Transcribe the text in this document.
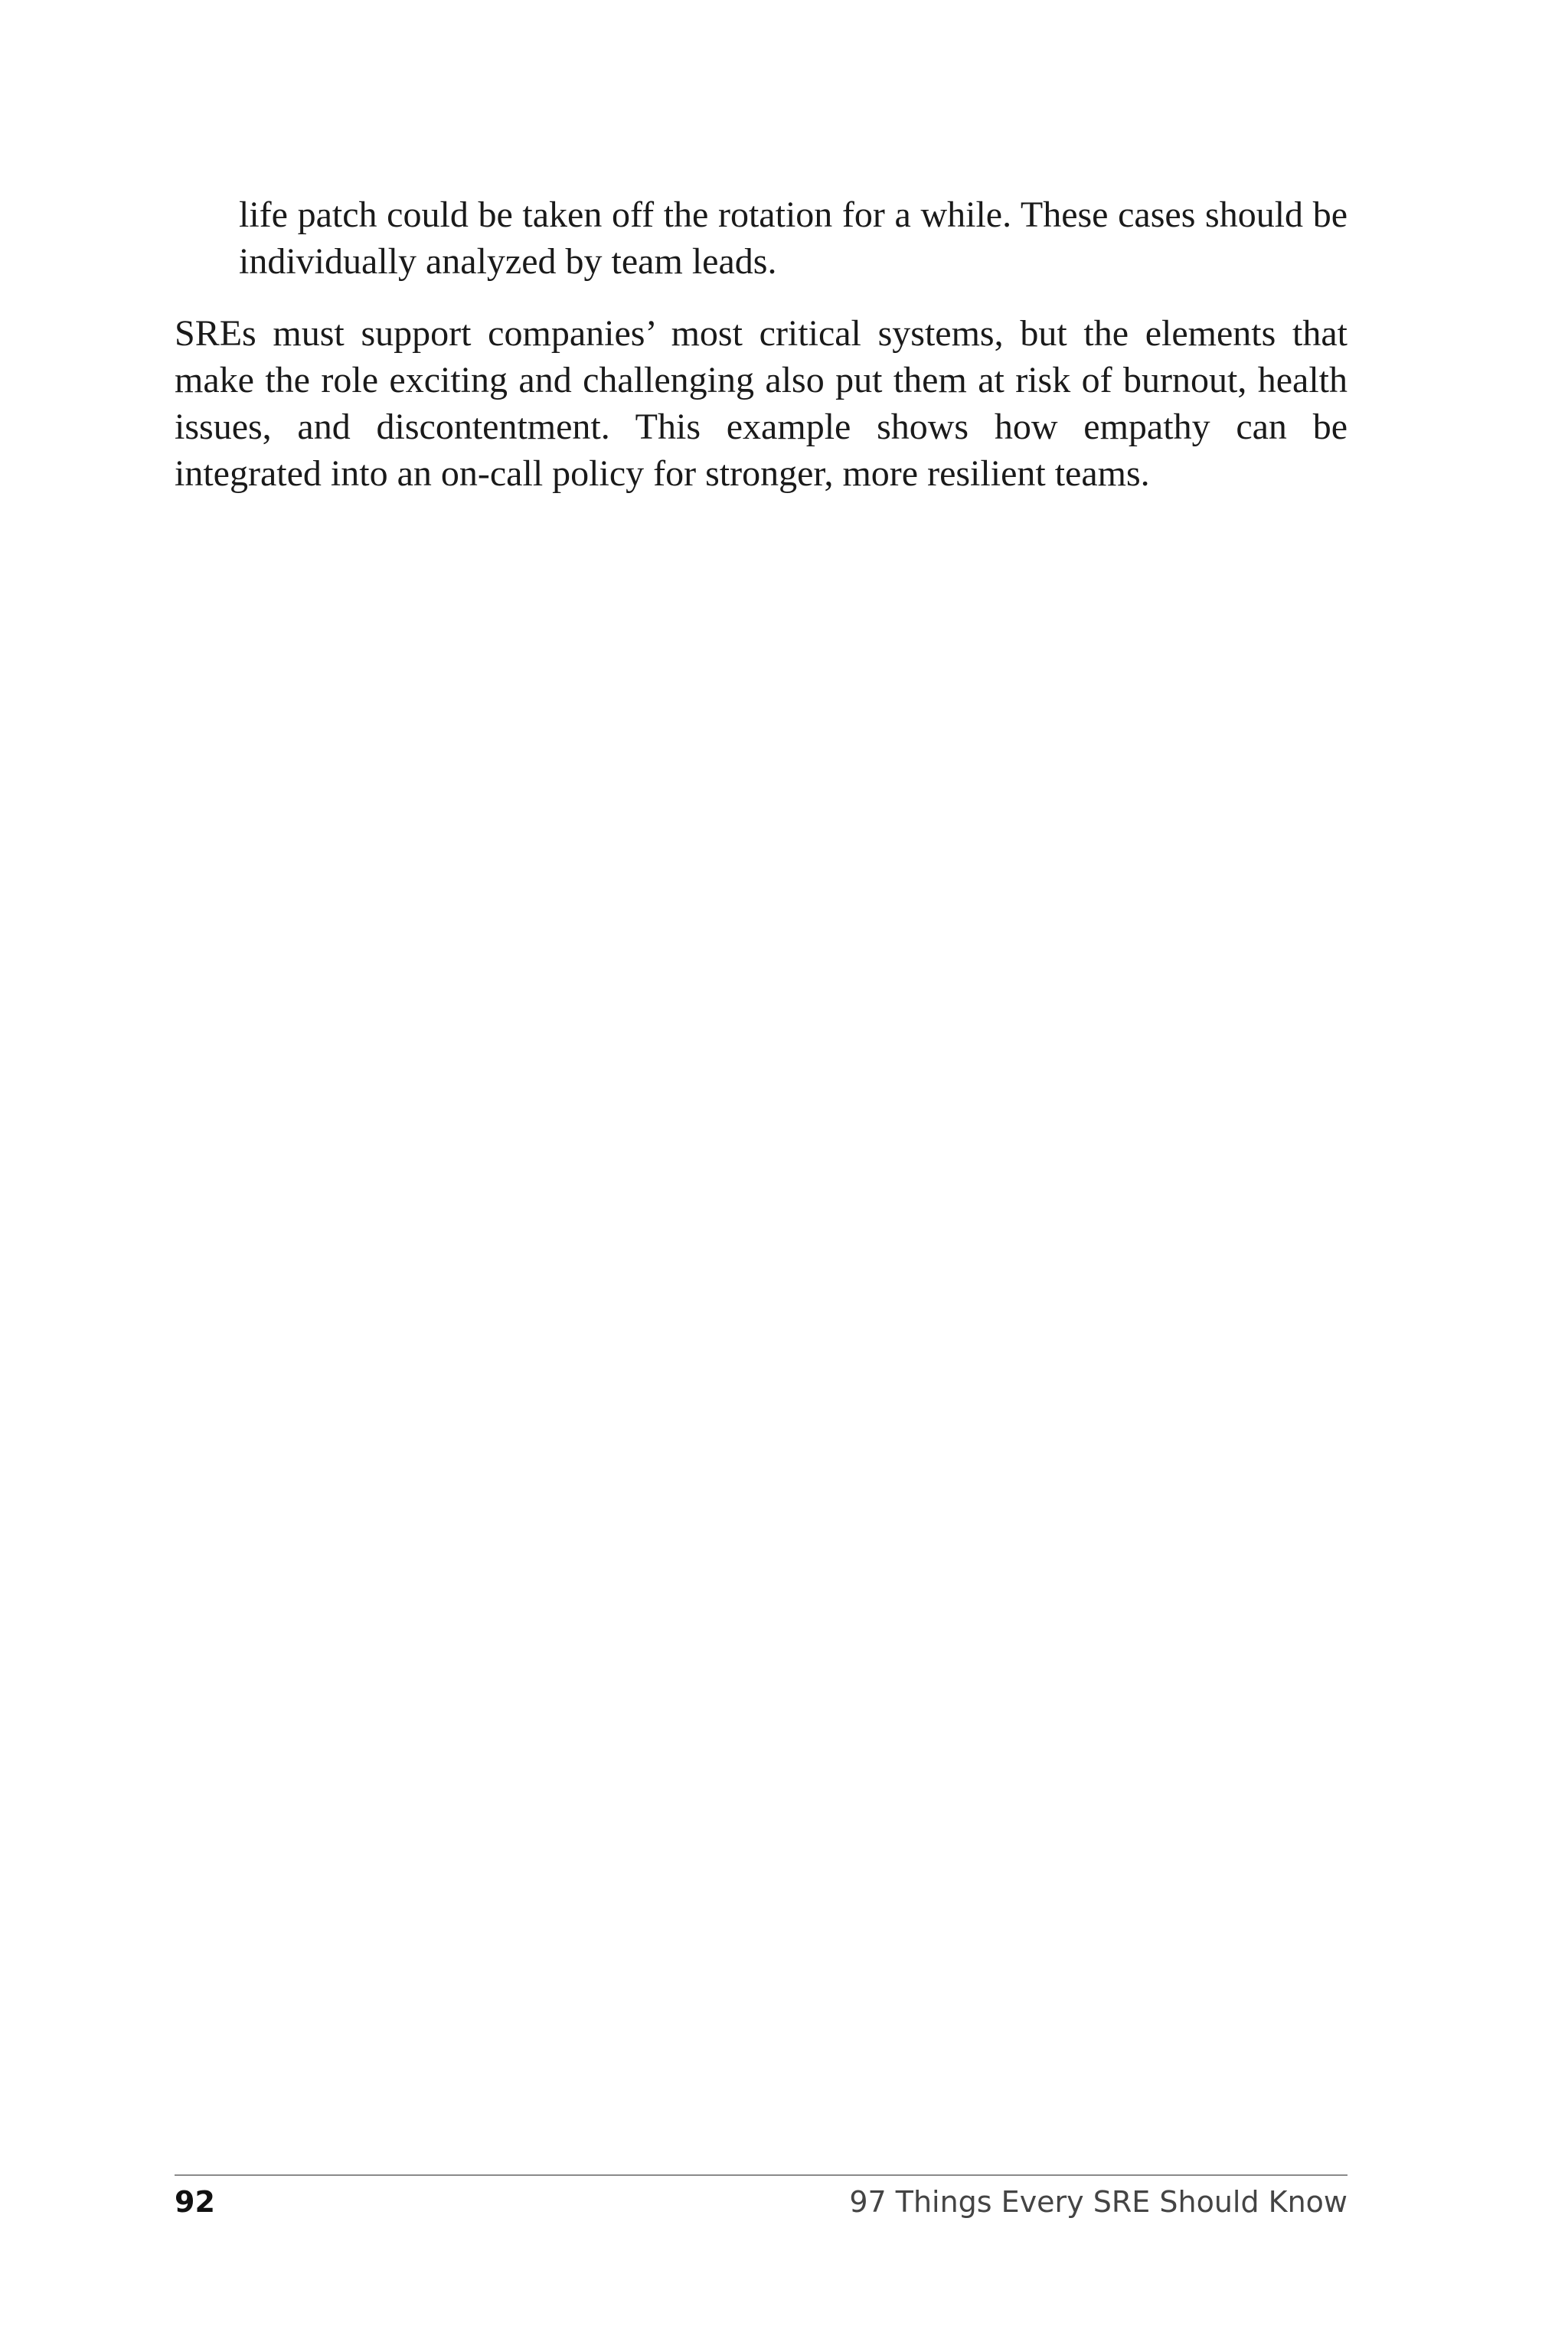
life patch could be taken off the rotation for a while. These cases should be individually analyzed by team leads.

SREs must support companies’ most critical systems, but the elements that make the role exciting and challenging also put them at risk of burnout, health issues, and discontentment. This example shows how empathy can be integrated into an on-call policy for stronger, more resilient teams.

92	97 Things Every SRE Should Know
